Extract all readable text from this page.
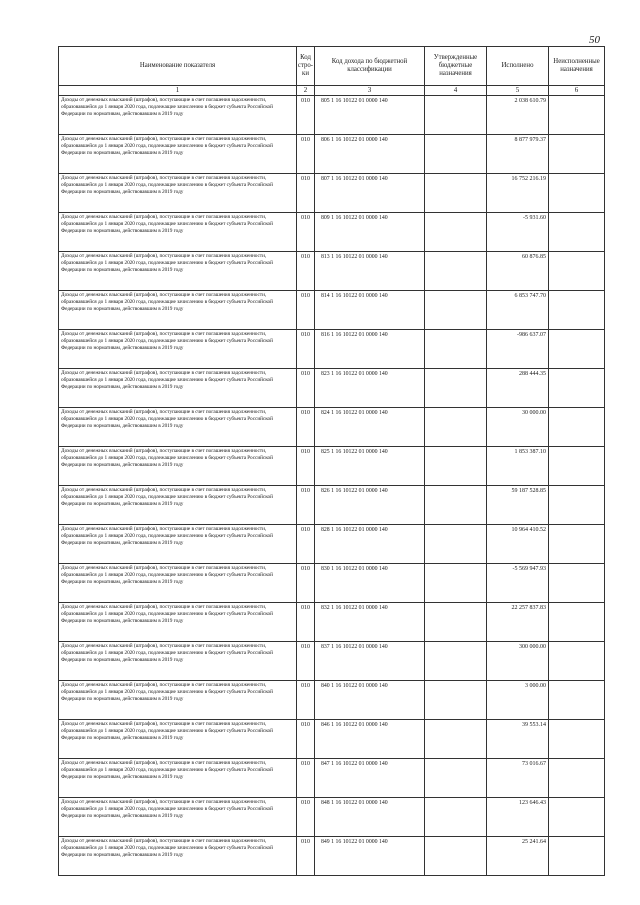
50
Наименование показателя	Код стро-ки	Код дохода по бюджетной классификации	Утвержденные бюджетные назначения	Исполнено	Неисполненные назначения
1	2	3	4	5	6
Доходы от денежных взысканий (штрафов), поступающие в счет погашения задолженности, образовавшейся до 1 января 2020 года, подлежащие зачислению в бюджет субъекта Российской Федерации по нормативам, действовавшим в 2019 году	010	805 1 16 10122 01 0000 140		2 038 610.79	
Доходы от денежных взысканий (штрафов), поступающие в счет погашения задолженности, образовавшейся до 1 января 2020 года, подлежащие зачислению в бюджет субъекта Российской Федерации по нормативам, действовавшим в 2019 году	010	806 1 16 10122 01 0000 140		8 877 979.37	
Доходы от денежных взысканий (штрафов), поступающие в счет погашения задолженности, образовавшейся до 1 января 2020 года, подлежащие зачислению в бюджет субъекта Российской Федерации по нормативам, действовавшим в 2019 году	010	807 1 16 10122 01 0000 140		16 752 216.19	
Доходы от денежных взысканий (штрафов), поступающие в счет погашения задолженности, образовавшейся до 1 января 2020 года, подлежащие зачислению в бюджет субъекта Российской Федерации по нормативам, действовавшим в 2019 году	010	809 1 16 10122 01 0000 140		-5 931.60	
Доходы от денежных взысканий (штрафов), поступающие в счет погашения задолженности, образовавшейся до 1 января 2020 года, подлежащие зачислению в бюджет субъекта Российской Федерации по нормативам, действовавшим в 2019 году	010	813 1 16 10122 01 0000 140		60 876.85	
Доходы от денежных взысканий (штрафов), поступающие в счет погашения задолженности, образовавшейся до 1 января 2020 года, подлежащие зачислению в бюджет субъекта Российской Федерации по нормативам, действовавшим в 2019 году	010	814 1 16 10122 01 0000 140		6 853 747.70	
Доходы от денежных взысканий (штрафов), поступающие в счет погашения задолженности, образовавшейся до 1 января 2020 года, подлежащие зачислению в бюджет субъекта Российской Федерации по нормативам, действовавшим в 2019 году	010	816 1 16 10122 01 0000 140		-986 637.07	
Доходы от денежных взысканий (штрафов), поступающие в счет погашения задолженности, образовавшейся до 1 января 2020 года, подлежащие зачислению в бюджет субъекта Российской Федерации по нормативам, действовавшим в 2019 году	010	823 1 16 10122 01 0000 140		288 444.35	
Доходы от денежных взысканий (штрафов), поступающие в счет погашения задолженности, образовавшейся до 1 января 2020 года, подлежащие зачислению в бюджет субъекта Российской Федерации по нормативам, действовавшим в 2019 году	010	824 1 16 10122 01 0000 140		30 000.00	
Доходы от денежных взысканий (штрафов), поступающие в счет погашения задолженности, образовавшейся до 1 января 2020 года, подлежащие зачислению в бюджет субъекта Российской Федерации по нормативам, действовавшим в 2019 году	010	825 1 16 10122 01 0000 140		1 853 387.10	
Доходы от денежных взысканий (штрафов), поступающие в счет погашения задолженности, образовавшейся до 1 января 2020 года, подлежащие зачислению в бюджет субъекта Российской Федерации по нормативам, действовавшим в 2019 году	010	826 1 16 10122 01 0000 140		59 187 528.85	
Доходы от денежных взысканий (штрафов), поступающие в счет погашения задолженности, образовавшейся до 1 января 2020 года, подлежащие зачислению в бюджет субъекта Российской Федерации по нормативам, действовавшим в 2019 году	010	828 1 16 10122 01 0000 140		10 964 410.52	
Доходы от денежных взысканий (штрафов), поступающие в счет погашения задолженности, образовавшейся до 1 января 2020 года, подлежащие зачислению в бюджет субъекта Российской Федерации по нормативам, действовавшим в 2019 году	010	830 1 16 10122 01 0000 140		-5 569 947.93	
Доходы от денежных взысканий (штрафов), поступающие в счет погашения задолженности, образовавшейся до 1 января 2020 года, подлежащие зачислению в бюджет субъекта Российской Федерации по нормативам, действовавшим в 2019 году	010	832 1 16 10122 01 0000 140		22 257 837.83	
Доходы от денежных взысканий (штрафов), поступающие в счет погашения задолженности, образовавшейся до 1 января 2020 года, подлежащие зачислению в бюджет субъекта Российской Федерации по нормативам, действовавшим в 2019 году	010	837 1 16 10122 01 0000 140		300 000.00	
Доходы от денежных взысканий (штрафов), поступающие в счет погашения задолженности, образовавшейся до 1 января 2020 года, подлежащие зачислению в бюджет субъекта Российской Федерации по нормативам, действовавшим в 2019 году	010	840 1 16 10122 01 0000 140		3 000.00	
Доходы от денежных взысканий (штрафов), поступающие в счет погашения задолженности, образовавшейся до 1 января 2020 года, подлежащие зачислению в бюджет субъекта Российской Федерации по нормативам, действовавшим в 2019 году	010	846 1 16 10122 01 0000 140		39 553.14	
Доходы от денежных взысканий (штрафов), поступающие в счет погашения задолженности, образовавшейся до 1 января 2020 года, подлежащие зачислению в бюджет субъекта Российской Федерации по нормативам, действовавшим в 2019 году	010	847 1 16 10122 01 0000 140		73 016.67	
Доходы от денежных взысканий (штрафов), поступающие в счет погашения задолженности, образовавшейся до 1 января 2020 года, подлежащие зачислению в бюджет субъекта Российской Федерации по нормативам, действовавшим в 2019 году	010	848 1 16 10122 01 0000 140		123 646.43	
Доходы от денежных взысканий (штрафов), поступающие в счет погашения задолженности, образовавшейся до 1 января 2020 года, подлежащие зачислению в бюджет субъекта Российской Федерации по нормативам, действовавшим в 2019 году	010	849 1 16 10122 01 0000 140		25 241.64	
